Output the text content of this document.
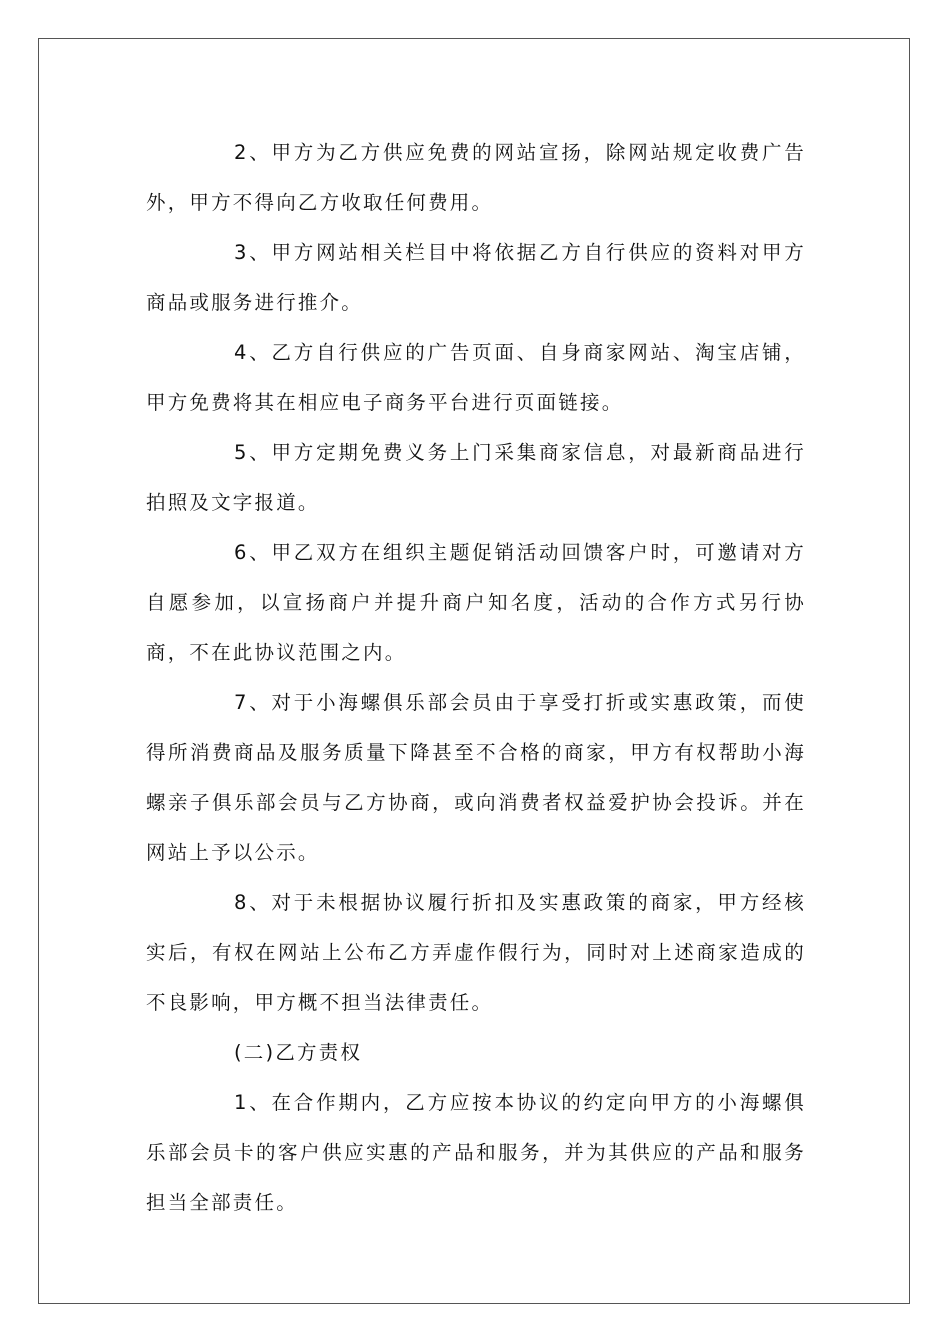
2、甲方为乙方供应免费的网站宣扬，除网站规定收费广告外，甲方不得向乙方收取任何费用。

3、甲方网站相关栏目中将依据乙方自行供应的资料对甲方商品或服务进行推介。

4、乙方自行供应的广告页面、自身商家网站、淘宝店铺，甲方免费将其在相应电子商务平台进行页面链接。

5、甲方定期免费义务上门采集商家信息，对最新商品进行拍照及文字报道。

6、甲乙双方在组织主题促销活动回馈客户时，可邀请对方自愿参加，以宣扬商户并提升商户知名度，活动的合作方式另行协商，不在此协议范围之内。

7、对于小海螺俱乐部会员由于享受打折或实惠政策，而使得所消费商品及服务质量下降甚至不合格的商家，甲方有权帮助小海螺亲子俱乐部会员与乙方协商，或向消费者权益爱护协会投诉。并在网站上予以公示。

8、对于未根据协议履行折扣及实惠政策的商家，甲方经核实后，有权在网站上公布乙方弄虚作假行为，同时对上述商家造成的不良影响，甲方概不担当法律责任。

(二)乙方责权

1、在合作期内，乙方应按本协议的约定向甲方的小海螺俱乐部会员卡的客户供应实惠的产品和服务，并为其供应的产品和服务担当全部责任。
